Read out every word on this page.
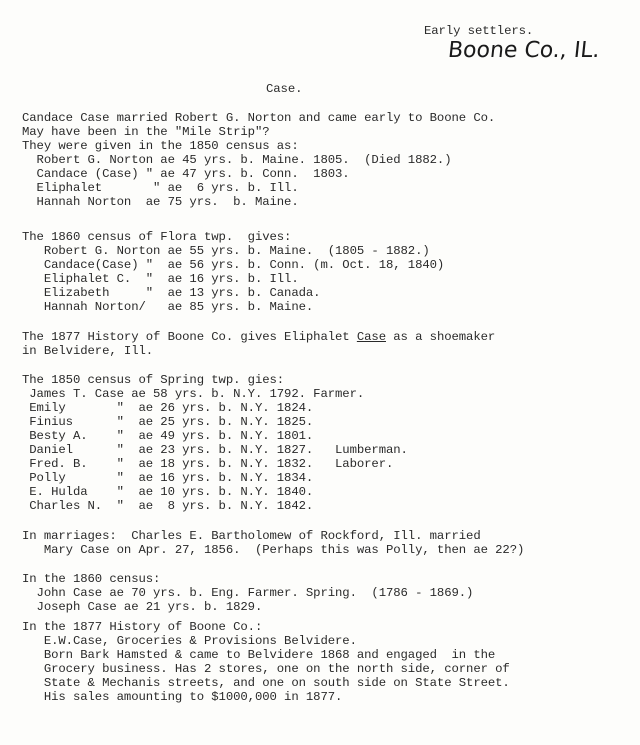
Early settlers.
Boone Co., IL.
Case.
Candace Case married Robert G. Norton and came early to Boone Co.
May have been in the "Mile Strip"?
They were given in the 1850 census as:
Robert G. Norton ae 45 yrs. b. Maine. 1805.  (Died 1882.)
Candace (Case) " ae 47 yrs. b. Conn.  1803.
Eliphalet       " ae  6 yrs. b. Ill.
Hannah Norton  ae 75 yrs.  b. Maine.
The 1860 census of Flora twp.  gives:
Robert G. Norton ae 55 yrs. b. Maine.  (1805 - 1882.)
Candace(Case) "  ae 56 yrs. b. Conn. (m. Oct. 18, 1840)
Eliphalet C.  "  ae 16 yrs. b. Ill.
Elizabeth     "  ae 13 yrs. b. Canada.
Hannah Norton/   ae 85 yrs. b. Maine.
The 1877 History of Boone Co. gives Eliphalet Case as a shoemaker
in Belvidere, Ill.
The 1850 census of Spring twp. gies:
James T. Case ae 58 yrs. b. N.Y. 1792. Farmer.
Emily       "  ae 26 yrs. b. N.Y. 1824.
Finius      "  ae 25 yrs. b. N.Y. 1825.
Besty A.    "  ae 49 yrs. b. N.Y. 1801.
Daniel      "  ae 23 yrs. b. N.Y. 1827.   Lumberman.
Fred. B.    "  ae 18 yrs. b. N.Y. 1832.   Laborer.
Polly       "  ae 16 yrs. b. N.Y. 1834.
E. Hulda    "  ae 10 yrs. b. N.Y. 1840.
Charles N.  "  ae  8 yrs. b. N.Y. 1842.
In marriages:  Charles E. Bartholomew of Rockford, Ill. married
Mary Case on Apr. 27, 1856.  (Perhaps this was Polly, then ae 22?)
In the 1860 census:
John Case ae 70 yrs. b. Eng. Farmer. Spring.  (1786 - 1869.)
Joseph Case ae 21 yrs. b. 1829.
In the 1877 History of Boone Co.:
E.W.Case, Groceries & Provisions Belvidere.
Born Bark Hamsted & came to Belvidere 1868 and engaged  in the
Grocery business. Has 2 stores, one on the north side, corner of
State & Mechanis streets, and one on south side on State Street.
His sales amounting to $1000,000 in 1877.
